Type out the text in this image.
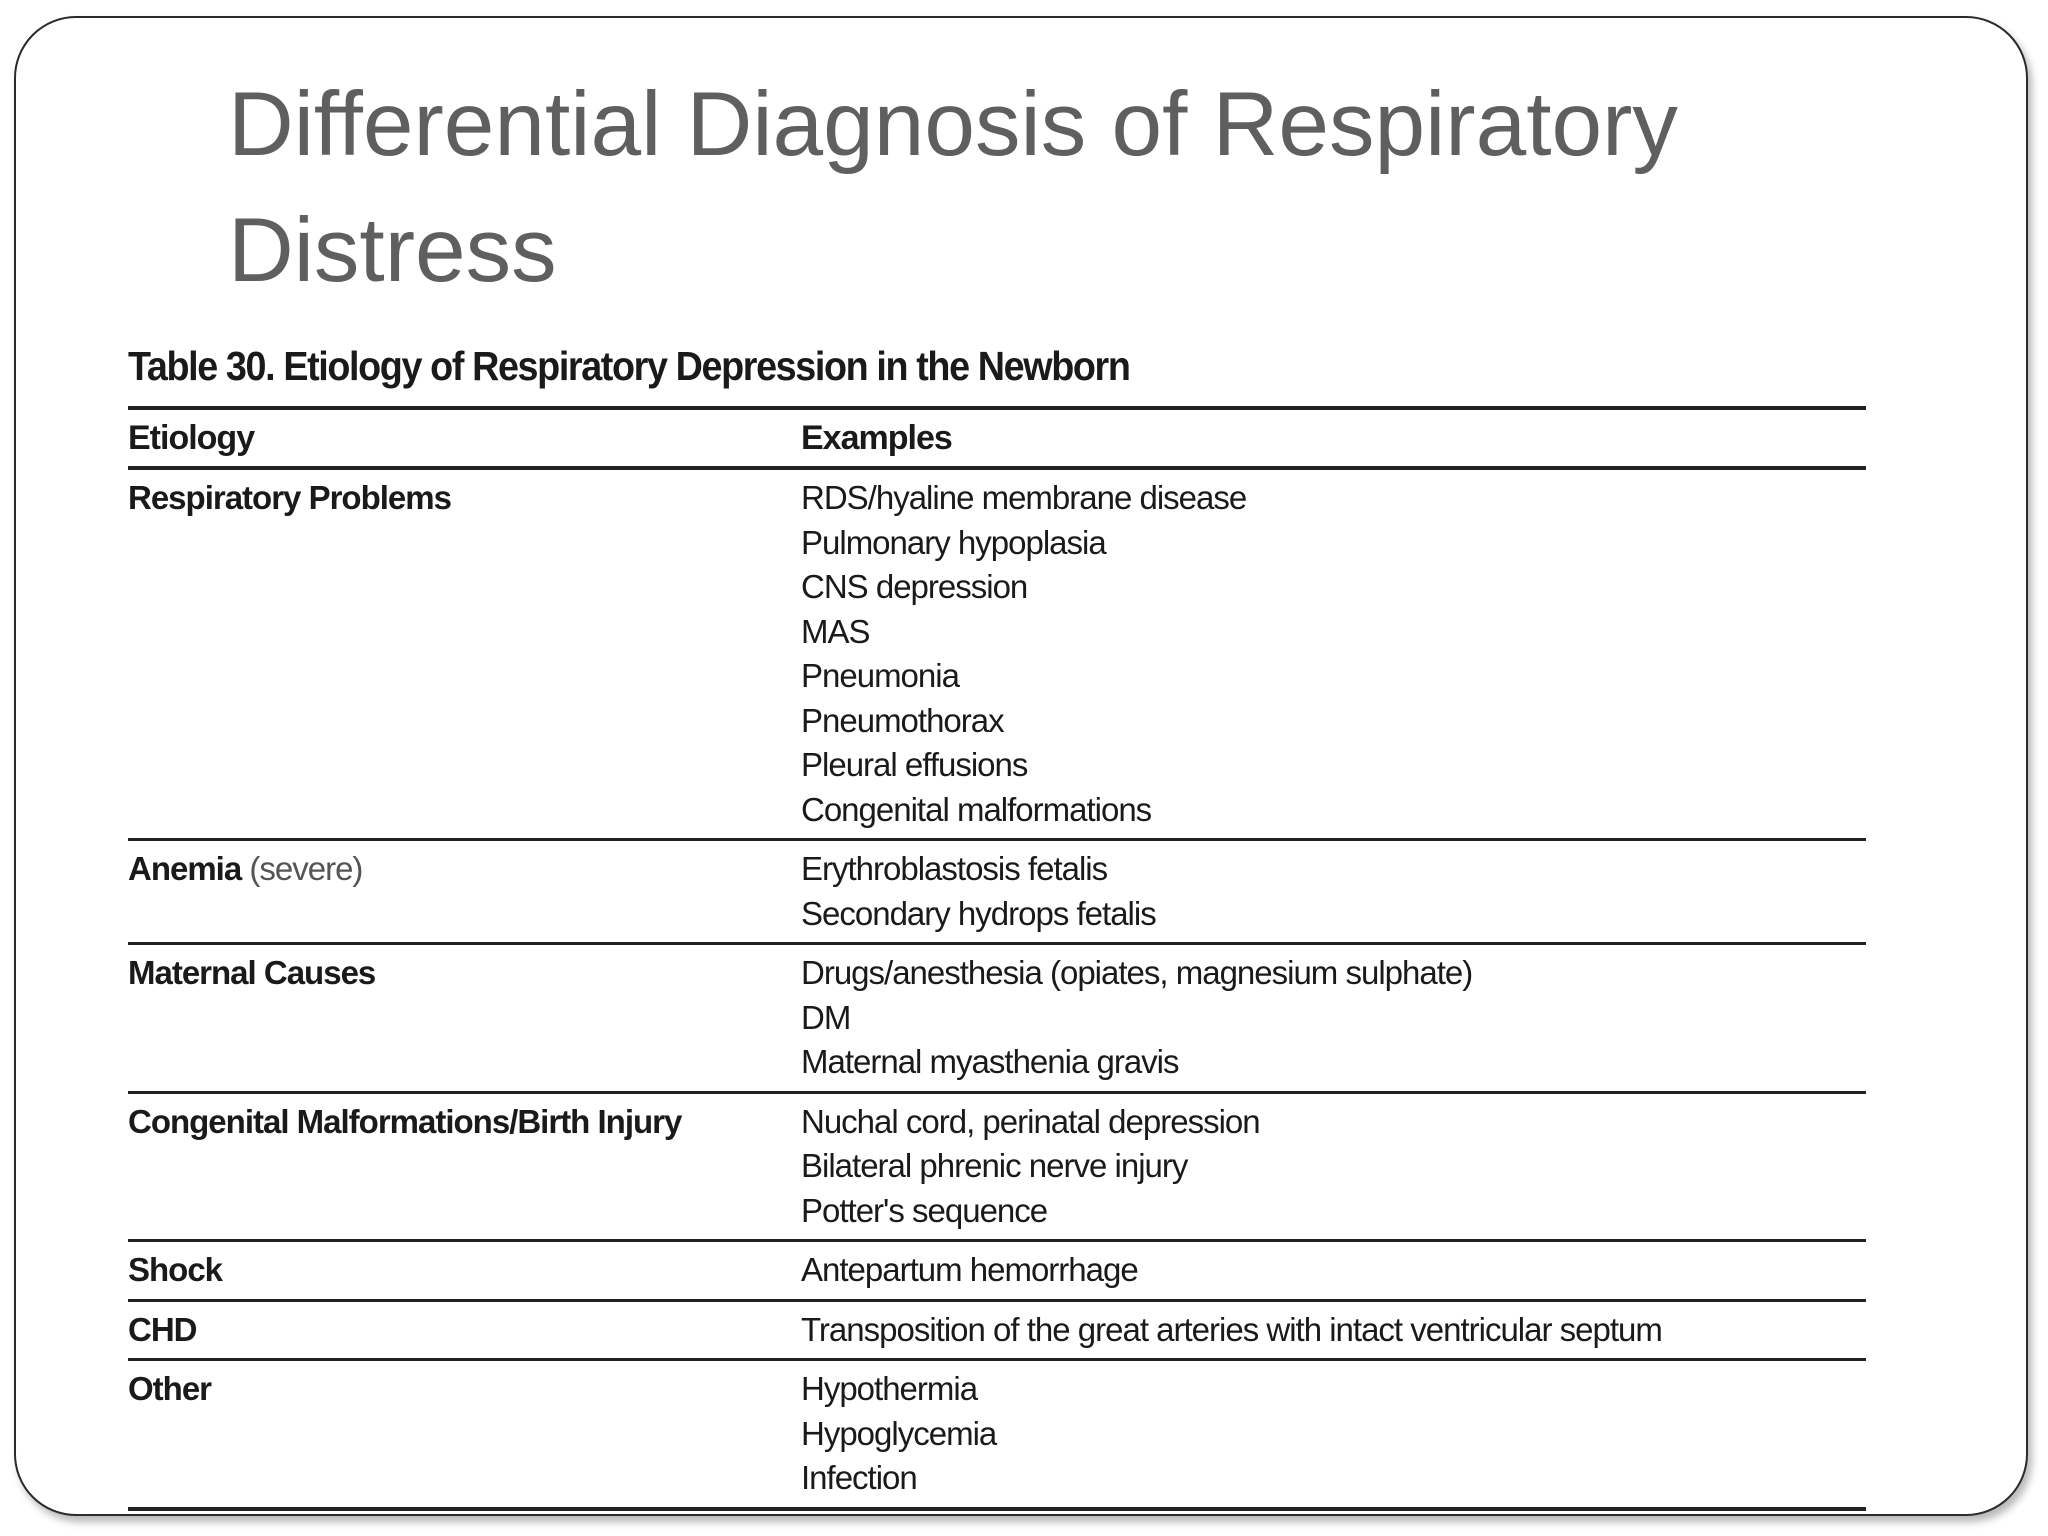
Differential Diagnosis of Respiratory Distress
Table 30. Etiology of Respiratory Depression in the Newborn
Etiology	Examples
Respiratory Problems	RDS/hyaline membrane disease
Pulmonary hypoplasia
CNS depression
MAS
Pneumonia
Pneumothorax
Pleural effusions
Congenital malformations
Anemia (severe)	Erythroblastosis fetalis
Secondary hydrops fetalis
Maternal Causes	Drugs/anesthesia (opiates, magnesium sulphate)
DM
Maternal myasthenia gravis
Congenital Malformations/Birth Injury	Nuchal cord, perinatal depression
Bilateral phrenic nerve injury
Potter's sequence
Shock	Antepartum hemorrhage
CHD	Transposition of the great arteries with intact ventricular septum
Other	Hypothermia
Hypoglycemia
Infection
